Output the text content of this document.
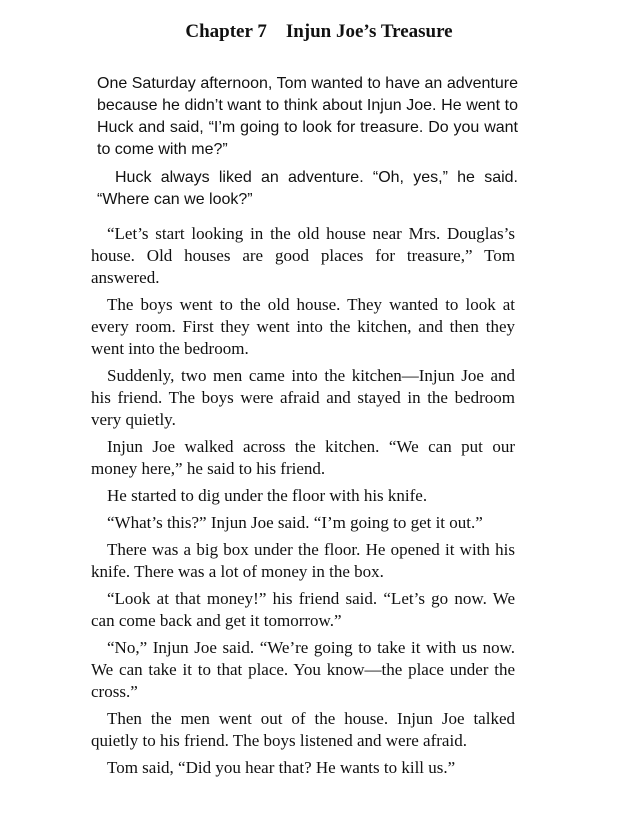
Chapter 7    Injun Joe’s Treasure

One Saturday afternoon, Tom wanted to have an adventure because he didn’t want to think about Injun Joe. He went to Huck and said, “I’m going to look for treasure. Do you want to come with me?”

Huck always liked an adventure. “Oh, yes,” he said. “Where can we look?”

“Let’s start looking in the old house near Mrs. Douglas’s house. Old houses are good places for treasure,” Tom answered.

The boys went to the old house. They wanted to look at every room. First they went into the kitchen, and then they went into the bedroom.

Suddenly, two men came into the kitchen—Injun Joe and his friend. The boys were afraid and stayed in the bedroom very quietly.

Injun Joe walked across the kitchen. “We can put our money here,” he said to his friend.

He started to dig under the floor with his knife.

“What’s this?” Injun Joe said. “I’m going to get it out.”

There was a big box under the floor. He opened it with his knife. There was a lot of money in the box.

“Look at that money!” his friend said. “Let’s go now. We can come back and get it tomorrow.”

“No,” Injun Joe said. “We’re going to take it with us now. We can take it to that place. You know—the place under the cross.”

Then the men went out of the house. Injun Joe talked quietly to his friend. The boys listened and were afraid.

Tom said, “Did you hear that? He wants to kill us.”
